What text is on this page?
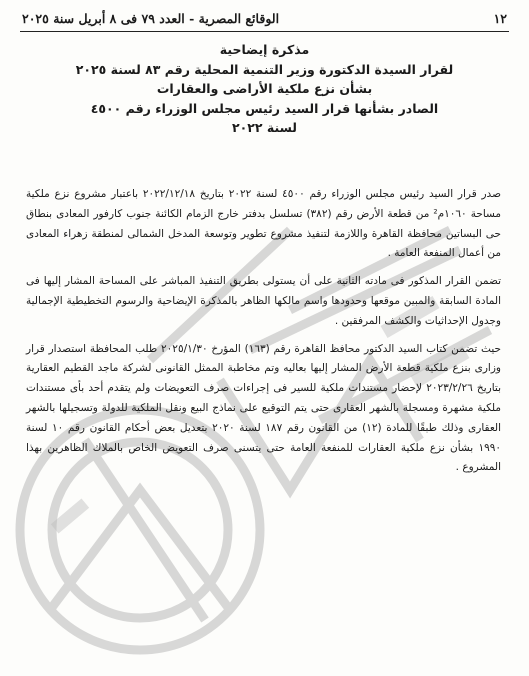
١٢
الوقائع المصرية - العدد ٧٩ فى ٨ أبريل سنة ٢٠٢٥
مذكرة إيضاحية
لقرار السيدة الدكتورة وزير التنمية المحلية رقم ٨٣ لسنة ٢٠٢٥
بشأن نزع ملكية الأراضى والعقارات
الصادر بشأنها قرار السيد رئيس مجلس الوزراء رقم ٤٥٠٠
لسنة ٢٠٢٢

صدر قرار السيد رئيس مجلس الوزراء رقم ٤٥٠٠ لسنة ٢٠٢٢ بتاريخ ٢٠٢٢/١٢/١٨ باعتبار مشروع نزع ملكية مساحة ١٠٦٠م² من قطعة الأرض رقم (٣٨٢) تسلسل بدفتر خارج الزمام الكائنة جنوب كارفور المعادى بنطاق حى البساتين محافظة القاهرة واللازمة لتنفيذ مشروع تطوير وتوسعة المدخل الشمالى لمنطقة زهراء المعادى من أعمال المنفعة العامة .

تضمن القرار المذكور فى مادته الثانية على أن يستولى بطريق التنفيذ المباشر على المساحة المشار إليها فى المادة السابقة والمبين موقعها وحدودها واسم مالكها الظاهر بالمذكرة الإيضاحية والرسوم التخطيطية الإجمالية وجدول الإحداثيات والكشف المرفقين .

حيث تضمن كتاب السيد الدكتور محافظ القاهرة رقم (١٦٣) المؤرخ ٢٠٢٥/١/٣٠ طلب المحافظة استصدار قرار وزارى بنزع ملكية قطعة الأرض المشار إليها بعاليه وتم مخاطبة الممثل القانونى لشركة ماجد القطيم العقارية بتاريخ ٢٠٢٣/٢/٢٦ لإحضار مستندات ملكية للسير فى إجراءات صرف التعويضات ولم يتقدم أحد بأى مستندات ملكية مشهرة ومسجلة بالشهر العقارى حتى يتم التوقيع على نماذج البيع ونقل الملكية للدولة وتسجيلها بالشهر العقارى وذلك طبقًا للمادة (١٢) من القانون رقم ١٨٧ لسنة ٢٠٢٠ بتعديل بعض أحكام القانون رقم ١٠ لسنة ١٩٩٠ بشأن نزع ملكية العقارات للمنفعة العامة حتى يتسنى صرف التعويض الخاص بالملاك الظاهرين بهذا المشروع .
